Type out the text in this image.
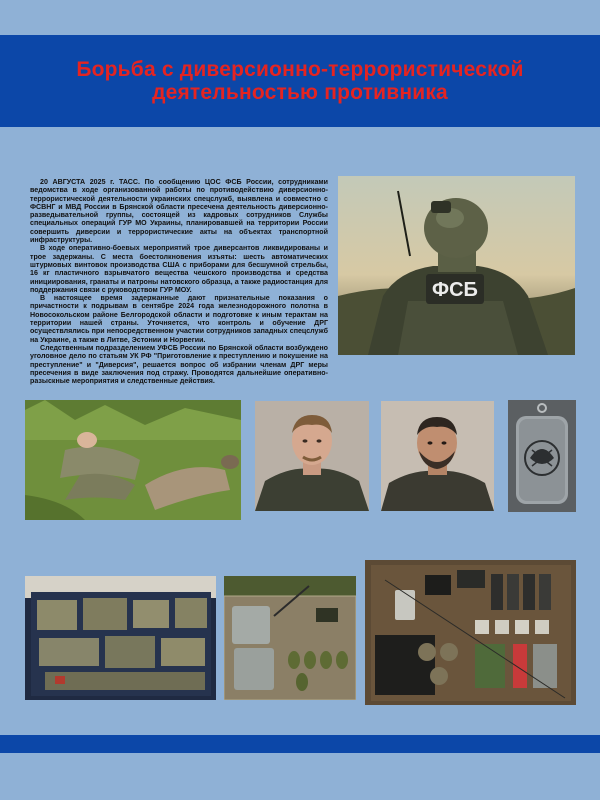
Борьба с диверсионно-террористической
деятельностью противника

20 АВГУСТА 2025 г. ТАСС. По сообщению ЦОС ФСБ России, сотрудниками ведомства в ходе организованной работы по противодействию диверсионно-террористической деятельности украинских спецслужб, выявлена и совместно с ФСВНГ и МВД России в Брянской области пресечена деятельность диверсионно-разведывательной группы, состоящей из кадровых сотрудников Службы специальных операций ГУР МО Украины, планировавшей на территории России совершить диверсии и террористические акты на объектах транспортной инфраструктуры.

В ходе оперативно-боевых мероприятий трое диверсантов ликвидированы и трое задержаны. С места боестолкновения изъяты: шесть автоматических штурмовых винтовок производства США с приборами для бесшумной стрельбы, 16 кг пластичного взрывчатого вещества чешского производства и средства инициирования, гранаты и патроны натовского образца, а также радиостанция для поддержания связи с руководством ГУР МОУ.

В настоящее время задержанные дают признательные показания о причастности к подрывам в сентябре 2024 года железнодорожного полотна в Новосокольском районе Белгородской области и подготовке к иным терактам на территории нашей страны. Уточняется, что контроль и обучение ДРГ осуществлялись при непосредственном участии сотрудников западных спецслужб на Украине, а также в Литве, Эстонии и Норвегии.

Следственным подразделением УФСБ России по Брянской области возбуждено уголовное дело по статьям УК РФ "Приготовление к преступлению и покушение на преступление" и "Диверсия", решается вопрос об избрании членам ДРГ меры пресечения в виде заключения под стражу. Проводятся дальнейшие оперативно-разыскные мероприятия и следственные действия.

ФСБ
